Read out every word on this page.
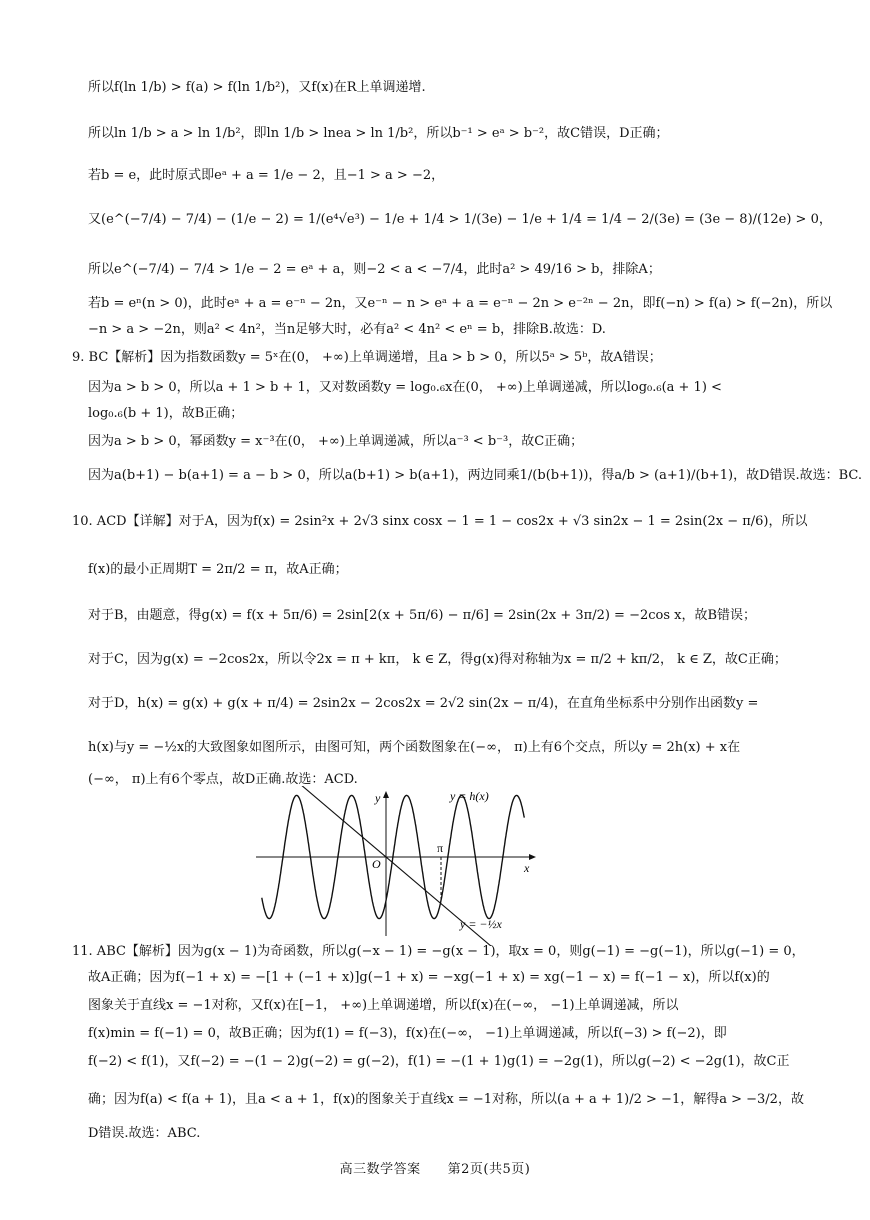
所以f(ln 1/b) > f(a) > f(ln 1/b²)，又f(x)在R上单调递增.
所以ln 1/b > a > ln 1/b²，即ln 1/b > lnea > ln 1/b²，所以b⁻¹ > eᵃ > b⁻²，故C错误，D正确；
若b = e，此时原式即eᵃ + a = 1/e − 2，且−1 > a > −2，
又(e^(−7/4) − 7/4) − (1/e − 2) = 1/(e⁴√e³) − 1/e + 1/4 > 1/(3e) − 1/e + 1/4 = 1/4 − 2/(3e) = (3e − 8)/(12e) > 0，
所以e^(−7/4) − 7/4 > 1/e − 2 = eᵃ + a，则−2 < a < −7/4，此时a² > 49/16 > b，排除A；
若b = eⁿ(n > 0)，此时eᵃ + a = e⁻ⁿ − 2n，又e⁻ⁿ − n > eᵃ + a = e⁻ⁿ − 2n > e⁻²ⁿ − 2n，即f(−n) > f(a) > f(−2n)，所以
−n > a > −2n，则a² < 4n²，当n足够大时，必有a² < 4n² < eⁿ = b，排除B.故选：D.
9. BC【解析】因为指数函数y = 5ˣ在(0， +∞)上单调递增，且a > b > 0，所以5ᵃ > 5ᵇ，故A错误；
因为a > b > 0，所以a + 1 > b + 1，又对数函数y = log₀.₆x在(0， +∞)上单调递减，所以log₀.₆(a + 1) <
log₀.₆(b + 1)，故B正确；
因为a > b > 0，幂函数y = x⁻³在(0， +∞)上单调递减，所以a⁻³ < b⁻³，故C正确；
因为a(b+1) − b(a+1) = a − b > 0，所以a(b+1) > b(a+1)，两边同乘1/(b(b+1))，得a/b > (a+1)/(b+1)，故D错误.故选：BC.
10. ACD【详解】对于A，因为f(x) = 2sin²x + 2√3 sinx cosx − 1 = 1 − cos2x + √3 sin2x − 1 = 2sin(2x − π/6)，所以
f(x)的最小正周期T = 2π/2 = π，故A正确；
对于B，由题意，得g(x) = f(x + 5π/6) = 2sin[2(x + 5π/6) − π/6] = 2sin(2x + 3π/2) = −2cos x，故B错误；
对于C，因为g(x) = −2cos2x，所以令2x = π + kπ， k ∈ Z，得g(x)得对称轴为x = π/2 + kπ/2， k ∈ Z，故C正确；
对于D，h(x) = g(x) + g(x + π/4) = 2sin2x − 2cos2x = 2√2 sin(2x − π/4)，在直角坐标系中分别作出函数y =
h(x)与y = −½x的大致图象如图所示，由图可知，两个函数图象在(−∞， π)上有6个交点，所以y = 2h(x) + x在
(−∞， π)上有6个零点，故D正确.故选：ACD.
11. ABC【解析】因为g(x − 1)为奇函数，所以g(−x − 1) = −g(x − 1)，取x = 0，则g(−1) = −g(−1)，所以g(−1) = 0，
故A正确；因为f(−1 + x) = −[1 + (−1 + x)]g(−1 + x) = −xg(−1 + x) = xg(−1 − x) = f(−1 − x)，所以f(x)的
图象关于直线x = −1对称，又f(x)在[−1， +∞)上单调递增，所以f(x)在(−∞， −1)上单调递减，所以
f(x)min = f(−1) = 0，故B正确；因为f(1) = f(−3)，f(x)在(−∞， −1)上单调递减，所以f(−3) > f(−2)，即
f(−2) < f(1)，又f(−2) = −(1 − 2)g(−2) = g(−2)，f(1) = −(1 + 1)g(1) = −2g(1)，所以g(−2) < −2g(1)，故C正
确；因为f(a) < f(a + 1)，且a < a + 1，f(x)的图象关于直线x = −1对称，所以(a + a + 1)/2 > −1，解得a > −3/2，故
D错误.故选：ABC.
y
x
O
π
y = h(x)
y = −½x
高三数学答案　　第2页(共5页)
